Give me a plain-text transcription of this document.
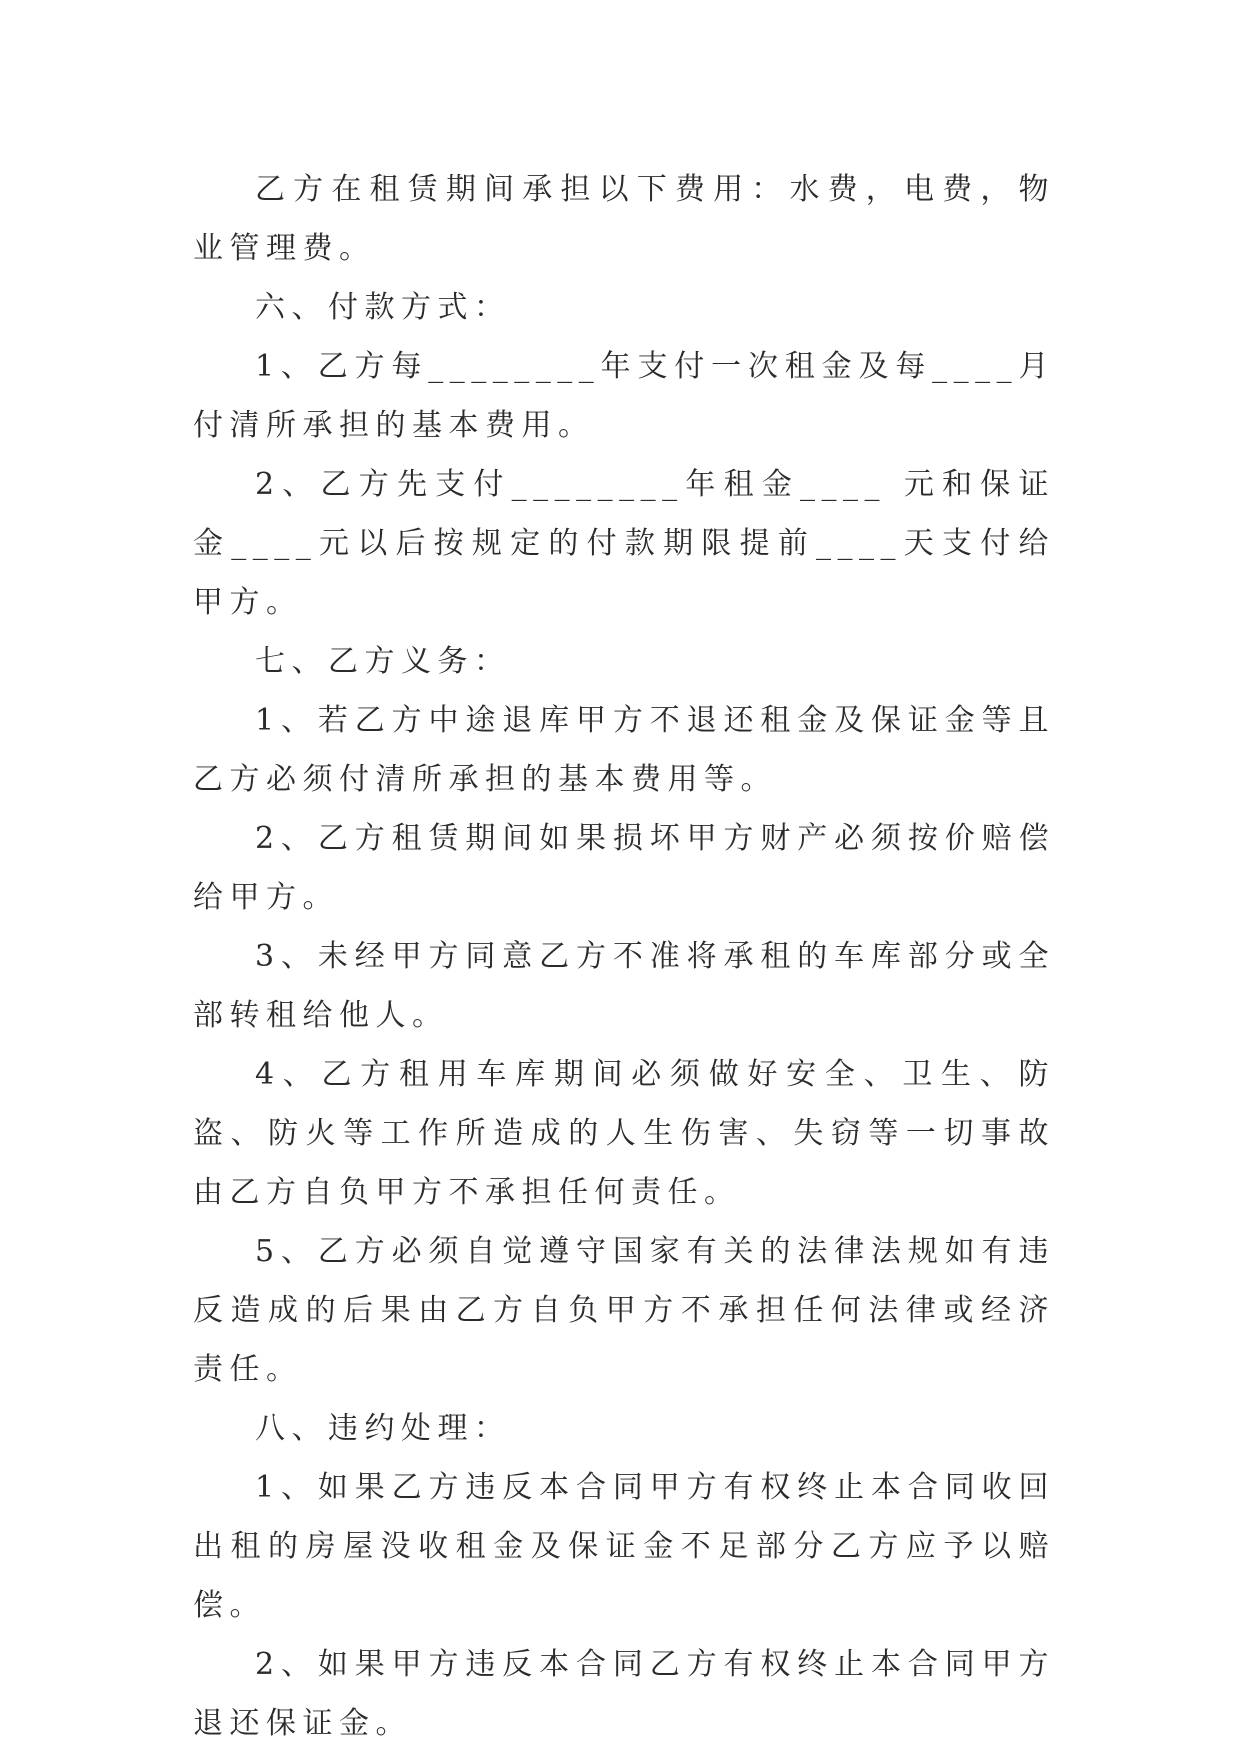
乙方在租赁期间承担以下费用：水费，电费，物业管理费。

六、付款方式：

1、乙方每________年支付一次租金及每____月付清所承担的基本费用。

2、乙方先支付________年租金____ 元和保证金____元以后按规定的付款期限提前____天支付给甲方。

七、乙方义务：

1、若乙方中途退库甲方不退还租金及保证金等且乙方必须付清所承担的基本费用等。

2、乙方租赁期间如果损坏甲方财产必须按价赔偿给甲方。

3、未经甲方同意乙方不准将承租的车库部分或全部转租给他人。

4、乙方租用车库期间必须做好安全、卫生、防盗、防火等工作所造成的人生伤害、失窃等一切事故由乙方自负甲方不承担任何责任。

5、乙方必须自觉遵守国家有关的法律法规如有违反造成的后果由乙方自负甲方不承担任何法律或经济责任。

八、违约处理：

1、如果乙方违反本合同甲方有权终止本合同收回出租的房屋没收租金及保证金不足部分乙方应予以赔偿。

2、如果甲方违反本合同乙方有权终止本合同甲方退还保证金。
